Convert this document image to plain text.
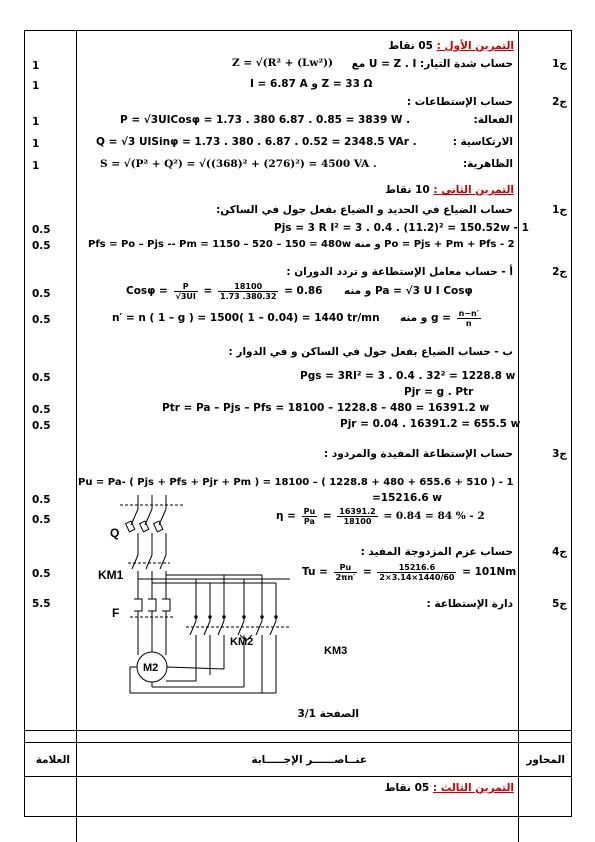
التمرين الأول : 05 نقاط
ج1
حساب شدة التيار: U = Z . I مع
Z = √(R² + (Lw²))
I = 6.87 A و Z = 33 Ω
ج2
حساب الإستطاعات :
الفعالة:
P = √3UICosφ = 1.73 . 380 6.87 . 0.85 = 3839 W .
الارتكاسية :
Q = √3 UISinφ = 1.73 . 380 . 6.87 . 0.52 = 2348.5 VAr .
الظاهرية:
S = √(P² + Q²) = √((368)² + (276)²) = 4500 VA .
1
1
1
1
1
التمرين الثاني : 10 نقاط
ج1
حساب الضياع في الحديد و الضياع بفعل جول في الساكن:
Pjs = 3 R I² = 3 . 0.4 . (11.2)² = 150.52w - 1
Pfs = Po – Pjs -- Pm = 1150 – 520 – 150 = 480w و منه Po = Pjs + Pm + Pfs - 2
ج2
أ - حساب معامل الإستطاعة و تردد الدوران :
$Cos\varphi = \frac{P}{√3UI} = \frac{18100}{1.73 .380.32} = 0.86$ و منه Pa = √3 U I Cosφ
n′ = n ( 1 – g ) = 1500( 1 – 0.04) = 1440 tr/mn و منه $g = \frac{n-n'}{n}$
ب - حساب الضياع بفعل جول في الساكن و في الدوار :
Pgs = 3RI² = 3 . 0.4 . 32² = 1228.8 w
Pjr = g . Ptr
Ptr = Pa – Pjs – Pfs = 18100 – 1228.8 – 480 = 16391.2 w
Pjr = 0.04 . 16391.2 = 655.5 w
ج3
حساب الإستطاعة المفيدة والمردود :
Pu = Pa- ( Pjs + Pfs + Pjr + Pm ) = 18100 – ( 1228.8 + 480 + 655.6 + 510 ) - 1
=15216.6 w
$\eta = \frac{Pu}{Pa} = \frac{16391.2}{18100} = 0.84 = 84$ % - 2
ج4
حساب عزم المزدوجة المفيد :
$Tu = \frac{Pu}{2\pi n'} = \frac{15216.6}{2\times 3.14\times 1440/60} = 101Nm$
ج5
دارة الإستطاعة :
0.5
0.5
0.5
0.5
0.5
0.5
0.5
0.5
0.5
0.5
5.5
Q
KM1
F
KM2
KM3
M2
الصفحة 3/1
العلامة	عنــاصــــــر الإجـــــابة	المحاور
التمرين الثالث : 05 نقاط
